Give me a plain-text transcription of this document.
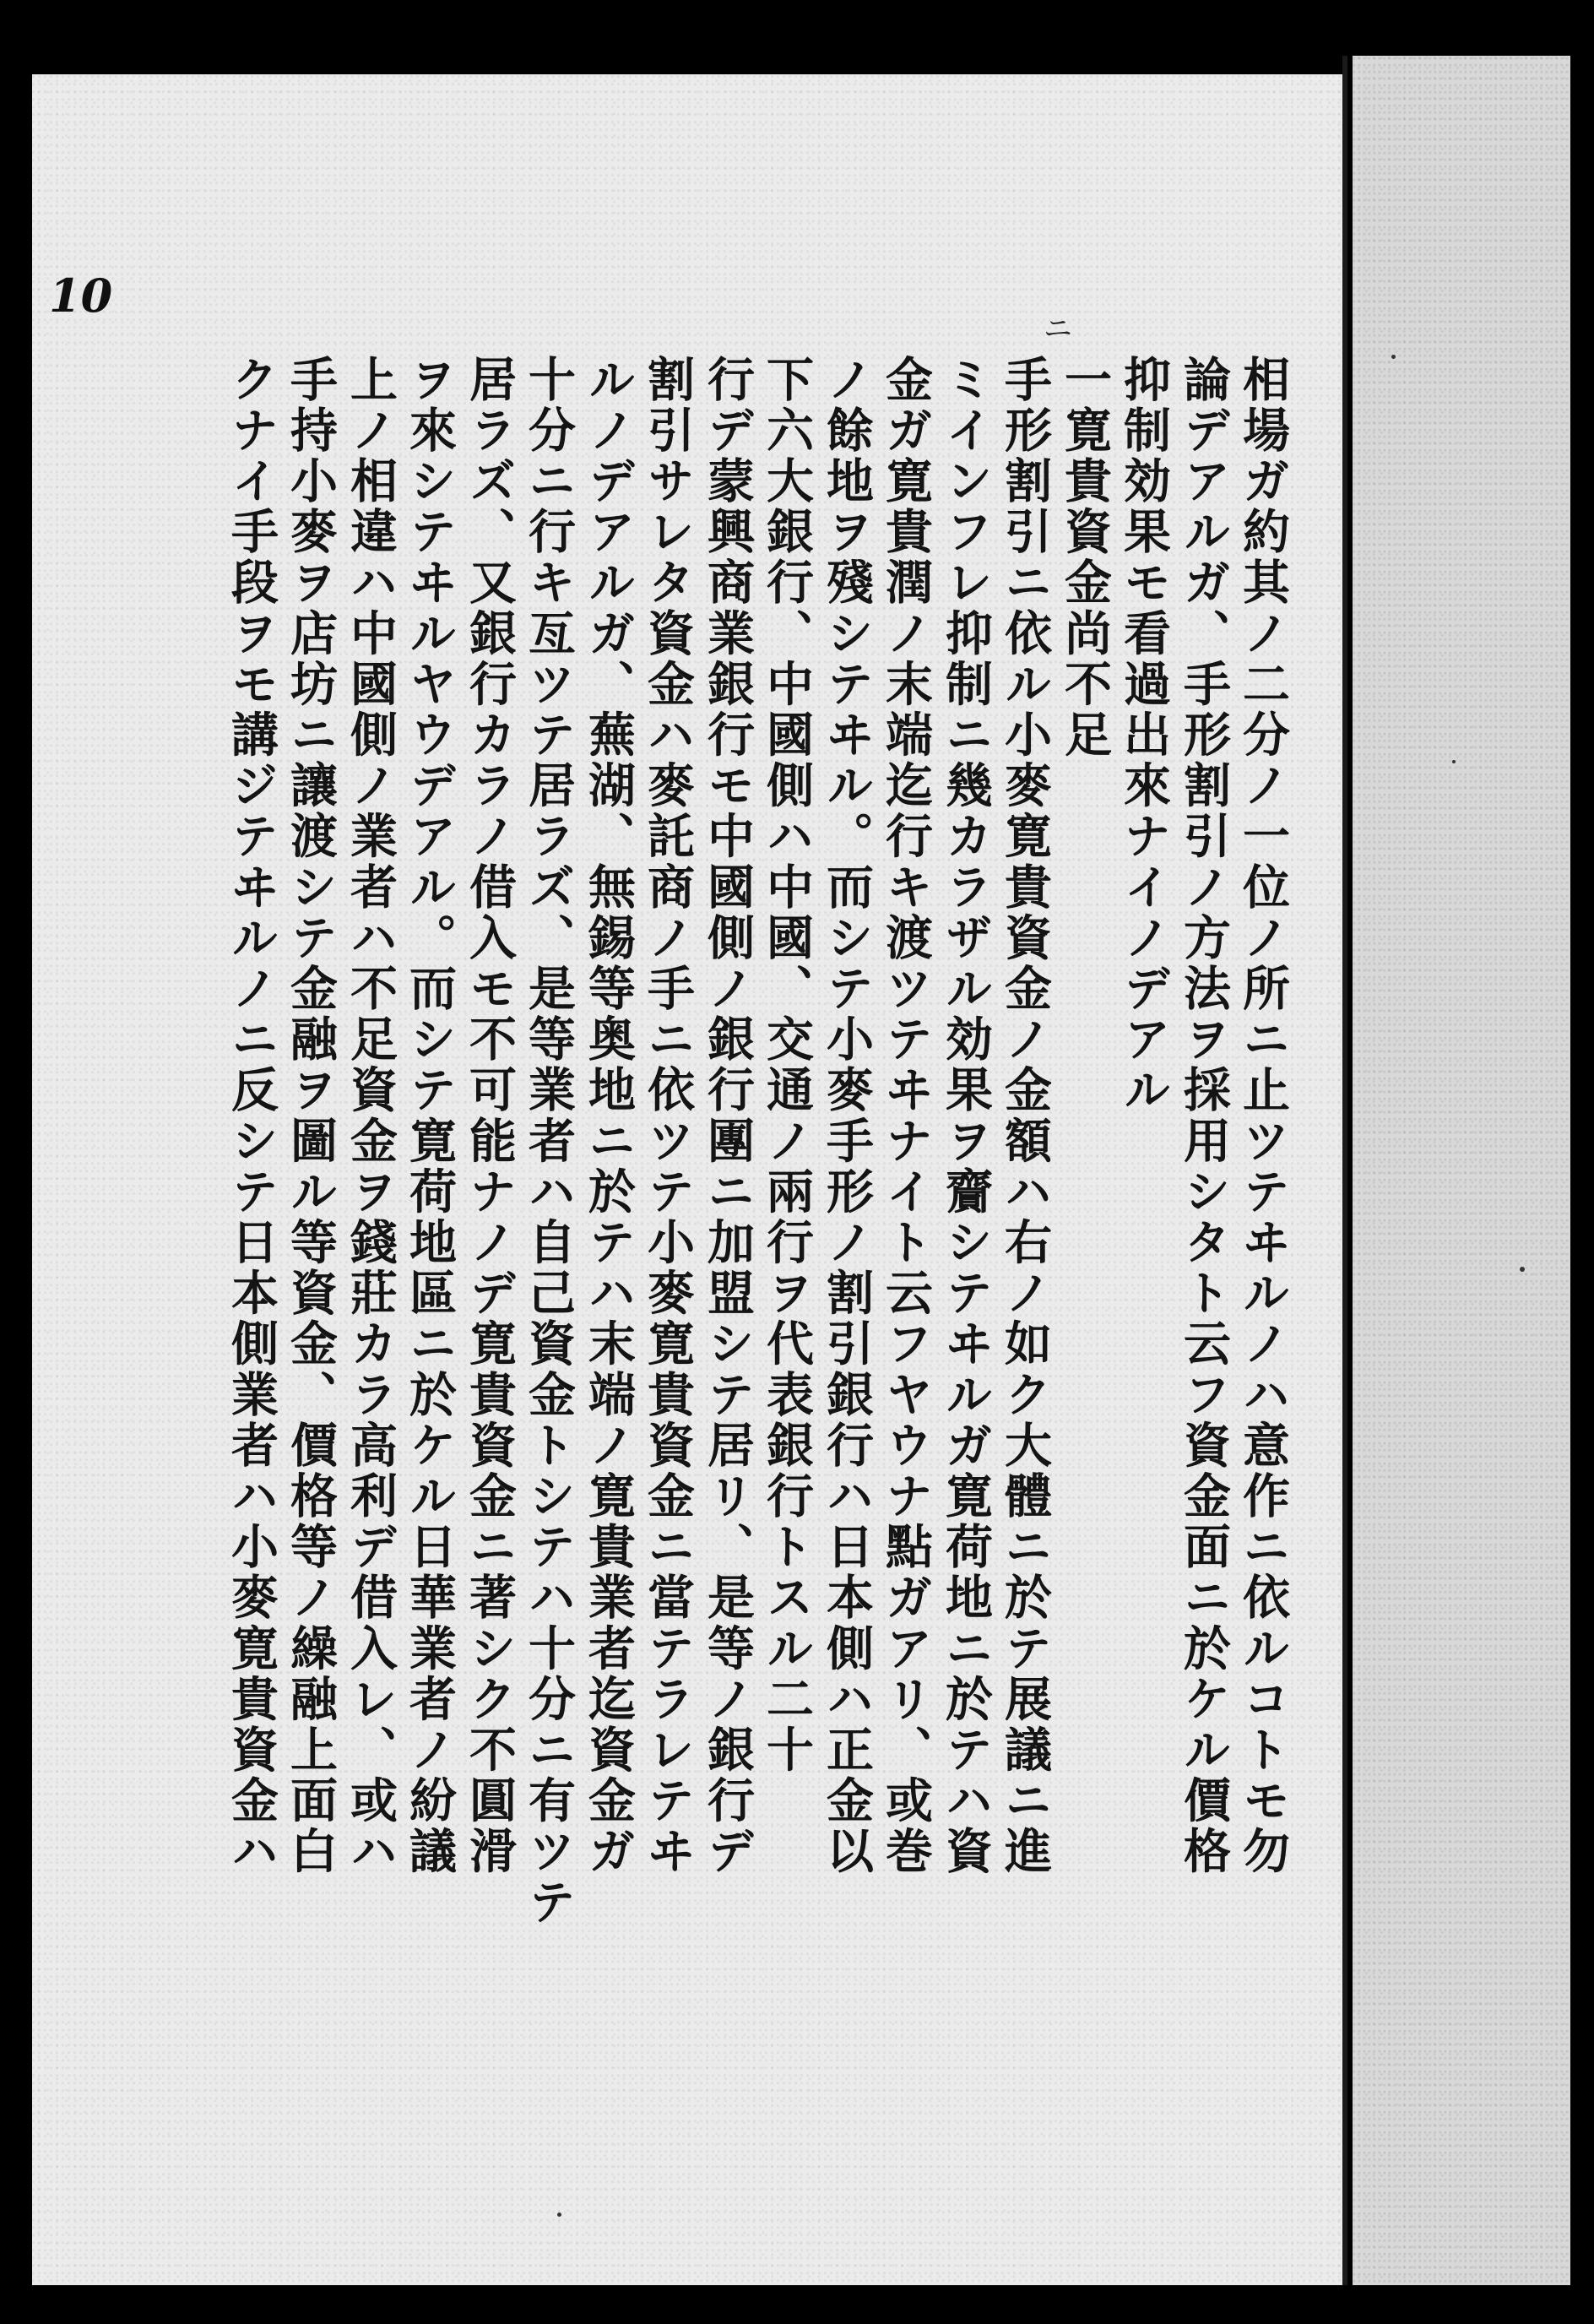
10

ニ

相場ガ約其ノ二分ノ一位ノ所ニ止ツテヰルノハ意作ニ依ルコトモ勿

論デアルガ、手形割引ノ方法ヲ採用シタト云フ資金面ニ於ケル價格

抑制効果モ看過出來ナイノデアル

一寛貴資金尚不足

手形割引ニ依ル小麥寛貴資金ノ金額ハ右ノ如ク大體ニ於テ展議ニ進

ミインフレ抑制ニ幾カラザル効果ヲ齎シテヰルガ寛荷地ニ於テハ資

金ガ寛貴潤ノ末端迄行キ渡ツテヰナイト云フヤウナ點ガアリ、或巻

ノ餘地ヲ殘シテヰル。而シテ小麥手形ノ割引銀行ハ日本側ハ正金以

下六大銀行、中國側ハ中國、交通ノ兩行ヲ代表銀行トスル二十

行デ蒙興商業銀行モ中國側ノ銀行團ニ加盟シテ居リ、是等ノ銀行デ

割引サレタ資金ハ麥託商ノ手ニ依ツテ小麥寛貴資金ニ當テラレテヰ

ルノデアルガ、蕪湖、無錫等奥地ニ於テハ末端ノ寛貴業者迄資金ガ

十分ニ行キ亙ツテ居ラズ、是等業者ハ自己資金トシテハ十分ニ有ツテ

居ラズ、又銀行カラノ借入モ不可能ナノデ寛貴資金ニ著シク不圓滑

ヲ來シテヰルヤウデアル。而シテ寛荷地區ニ於ケル日華業者ノ紛議

上ノ相違ハ中國側ノ業者ハ不足資金ヲ錢莊カラ高利デ借入レ、或ハ

手持小麥ヲ店坊ニ讓渡シテ金融ヲ圖ル等資金、價格等ノ繰融上面白

クナイ手段ヲモ講ジテヰルノニ反シテ日本側業者ハ小麥寛貴資金ハ
